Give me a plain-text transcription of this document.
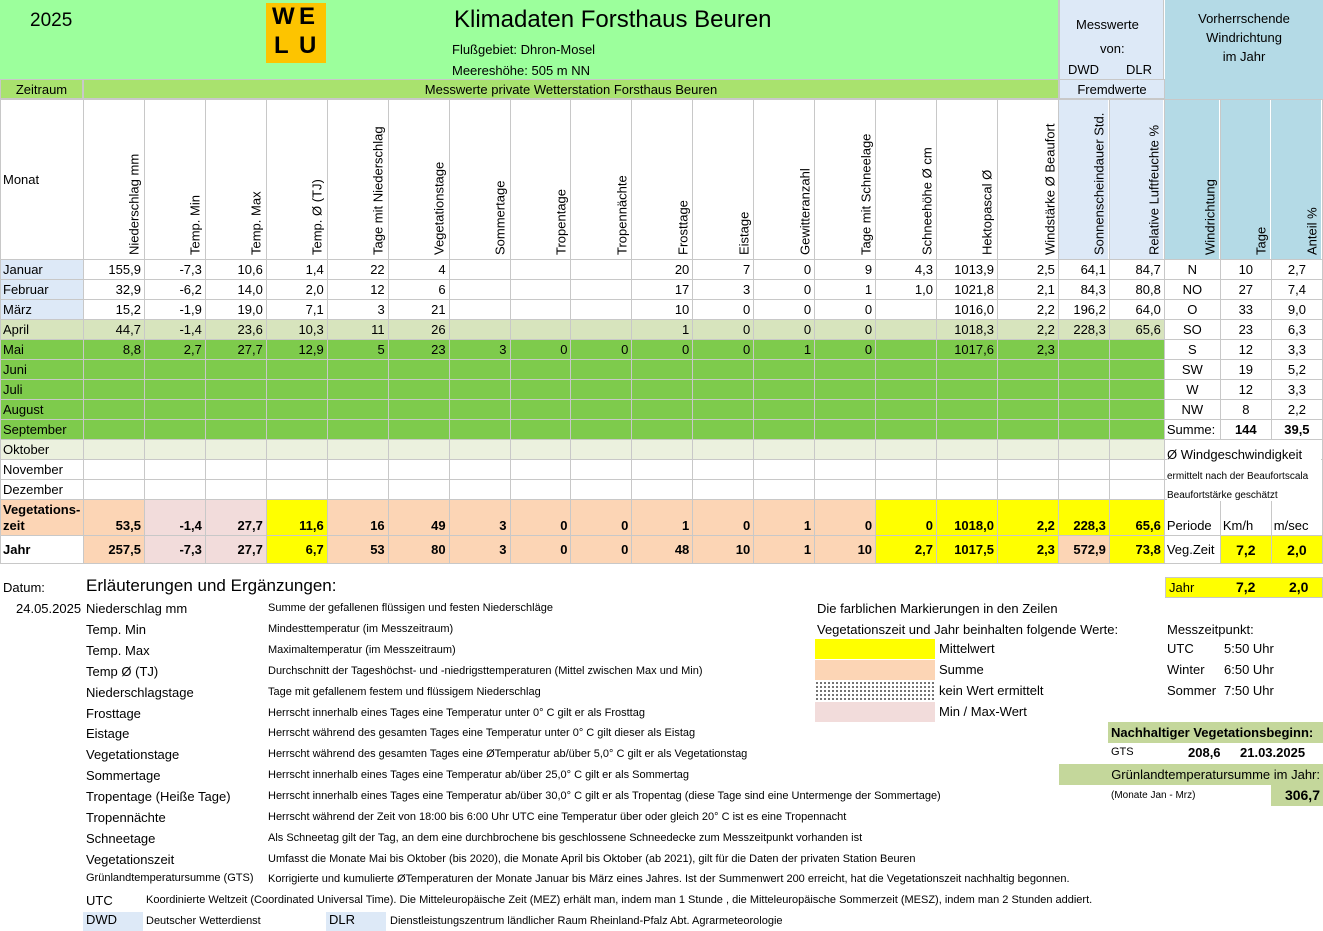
2025	W E
L U
Klimadaten Forsthaus Beuren
Flußgebiet: Dhron-Mosel
Meereshöhe: 505 m NN
Messwerte
von:
DWD DLR
Vorherrschende
Windrichtung
im Jahr
Zeitraum	Messwerte private Wetterstation Forsthaus Beuren	Fremdwerte
Monat	Niederschlag mm	Temp. Min	Temp. Max	Temp. Ø (TJ)	Tage mit Niederschlag	Vegetationstage	Sommertage	Tropentage	Tropennächte	Frosttage	Eistage	Gewitteranzahl	Tage mit Schneelage	Schneehöhe Ø cm	Hektopascal Ø	Windstärke Ø Beaufort	Sonnenscheindauer Std.	Relative Luftfeuchte %	Windrichtung	Tage	Anteil %
Januar	155,9	-7,3	10,6	1,4	22	4				20	7	0	9	4,3	1013,9	2,5	64,1	84,7	N	10	2,7
Februar	32,9	-6,2	14,0	2,0	12	6				17	3	0	1	1,0	1021,8	2,1	84,3	80,8	NO	27	7,4
März	15,2	-1,9	19,0	7,1	3	21				10	0	0	0		1016,0	2,2	196,2	64,0	O	33	9,0
April	44,7	-1,4	23,6	10,3	11	26				1	0	0	0		1018,3	2,2	228,3	65,6	SO	23	6,3
Mai	8,8	2,7	27,7	12,9	5	23	3	0	0	0	0	1	0		1017,6	2,3			S	12	3,3
Juni																			SW	19	5,2
Juli																			W	12	3,3
August																			NW	8	2,2
September																			Summe:	144	39,5
Oktober																					
November																					
Dezember																					
Vegetations-
zeit	53,5	-1,4	27,7	11,6	16	49	3	0	0	1	0	1	0	0	1018,0	2,2	228,3	65,6	Periode	Km/h	m/sec
Jahr	257,5	-7,3	27,7	6,7	53	80	3	0	0	48	10	1	10	2,7	1017,5	2,3	572,9	73,8	Veg.Zeit	7,2	2,0
Ø Windgeschwindigkeit
ermittelt nach der Beaufortscala
Beaufortstärke geschätzt
Jahr	7,2 2,0
Datum: Erläuterungen und Ergänzungen:
24.05.2025 Niederschlag mm	Summe der gefallenen flüssigen und festen Niederschläge
Temp. Min	Mindesttemperatur (im Messzeitraum)
Temp. Max	Maximaltemperatur (im Messzeitraum)
Temp Ø (TJ)	Durchschnitt der Tageshöchst- und -niedrigsttemperaturen (Mittel zwischen Max und Min)
Niederschlagstage	Tage mit gefallenem festem und flüssigem Niederschlag
Frosttage	Herrscht innerhalb eines Tages eine Temperatur unter 0° C gilt er als Frosttag
Eistage	Herrscht während des gesamten Tages eine Temperatur unter 0° C gilt dieser als Eistag
Vegetationstage	Herrscht während des gesamten Tages eine ØTemperatur ab/über 5,0° C gilt er als Vegetationstag
Sommertage	Herrscht innerhalb eines Tages eine Temperatur ab/über 25,0° C gilt er als Sommertag
Tropentage (Heiße Tage)	Herrscht innerhalb eines Tages eine Temperatur ab/über 30,0° C gilt er als Tropentag (diese Tage sind eine Untermenge der Sommertage)
Tropennächte	Herrscht während der Zeit von 18:00 bis 6:00 Uhr UTC eine Temperatur über oder gleich 20° C ist es eine Tropennacht
Schneetage	Als Schneetag gilt der Tag, an dem eine durchbrochene bis geschlossene Schneedecke zum Messzeitpunkt vorhanden ist
Vegetationszeit	Umfasst die Monate Mai bis Oktober (bis 2020), die Monate April bis Oktober (ab 2021), gilt für die Daten der privaten Station Beuren
Grünlandtemperatursumme (GTS)	Korrigierte und kumulierte ØTemperaturen der Monate Januar bis März eines Jahres. Ist der Summenwert 200 erreicht, hat die Vegetationszeit nachhaltig begonnen.
UTC	Koordinierte Weltzeit (Coordinated Universal Time). Die Mitteleuropäische Zeit (MEZ) erhält man, indem man 1 Stunde , die Mitteleuropäische Sommerzeit (MESZ), indem man 2 Stunden addiert.
DWD	Deutscher Wetterdienst	DLR	Dienstleistungszentrum ländlicher Raum Rheinland-Pfalz Abt. Agrarmeteorologie
Die farblichen Markierungen in den Zeilen
Vegetationszeit und Jahr beinhalten folgende Werte:
Mittelwert
Summe
kein Wert ermittelt
Min / Max-Wert
Messzeitpunkt:
UTC 5:50 Uhr
Winter 6:50 Uhr
Sommer 7:50 Uhr
Nachhaltiger Vegetationsbeginn:
GTS	208,6 21.03.2025
Grünlandtemperatursumme im Jahr:
(Monate Jan - Mrz)	306,7
